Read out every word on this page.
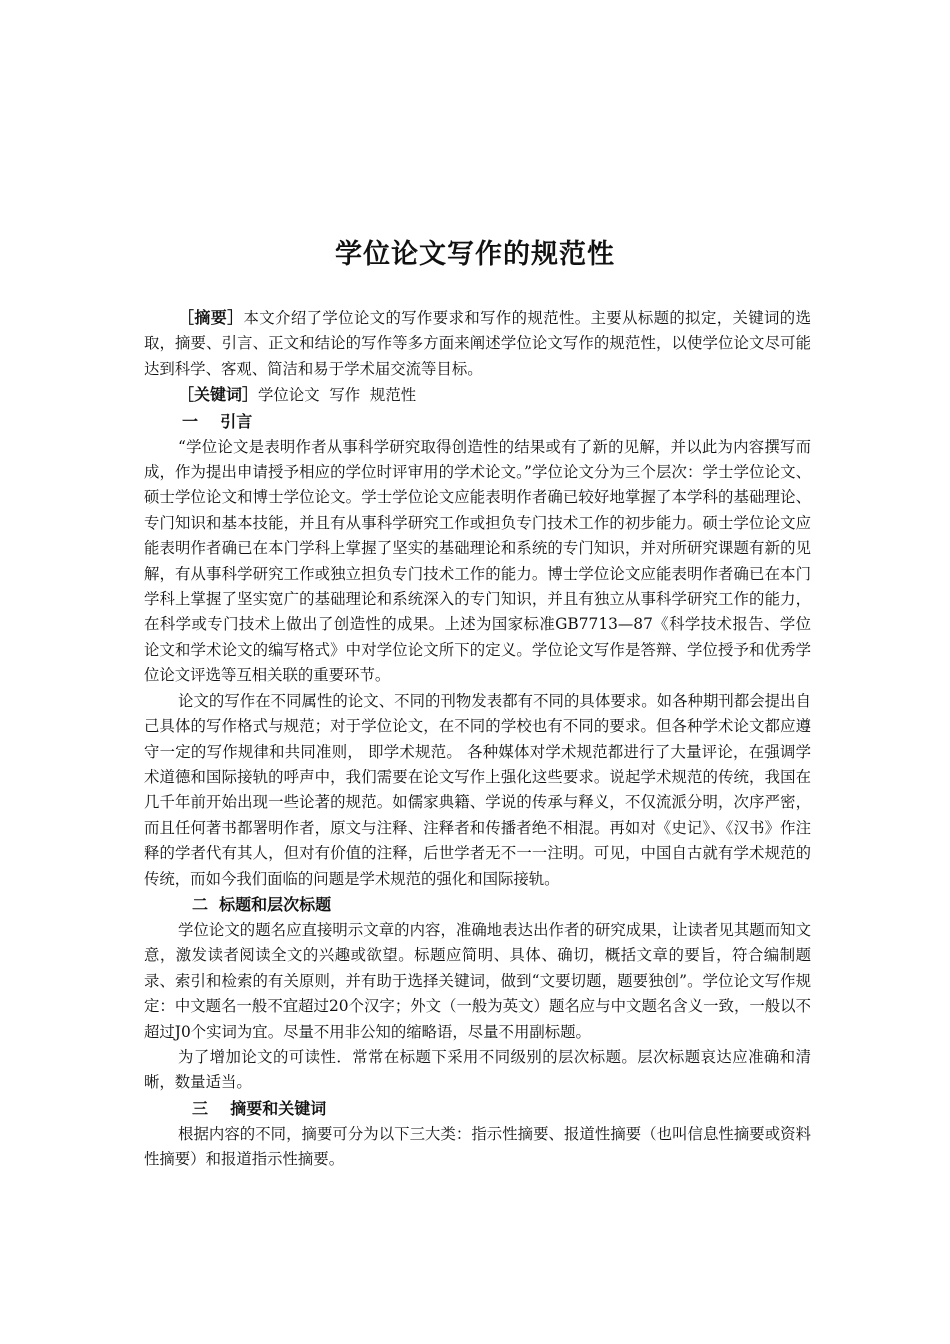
学位论文写作的规范性

［摘要］本文介绍了学位论文的写作要求和写作的规范性。主要从标题的拟定，关键词的选取，摘要、引言、正文和结论的写作等多方面来阐述学位论文写作的规范性，以使学位论文尽可能达到科学、客观、简洁和易于学术届交流等目标。

［关键词］学位论文  写作  规范性

一    引言

“学位论文是表明作者从事科学研究取得创造性的结果或有了新的见解，并以此为内容撰写而成，作为提出申请授予相应的学位时评审用的学术论文。”学位论文分为三个层次：学士学位论文、硕士学位论文和博士学位论文。学士学位论文应能表明作者确已较好地掌握了本学科的基础理论、专门知识和基本技能，并且有从事科学研究工作或担负专门技术工作的初步能力。硕士学位论文应能表明作者确已在本门学科上掌握了坚实的基础理论和系统的专门知识，并对所研究课题有新的见解，有从事科学研究工作或独立担负专门技术工作的能力。博士学位论文应能表明作者确已在本门学科上掌握了坚实宽广的基础理论和系统深入的专门知识，并且有独立从事科学研究工作的能力，在科学或专门技术上做出了创造性的成果。上述为国家标准GB7713—87《科学技术报告、学位论文和学术论文的编写格式》中对学位论文所下的定义。学位论文写作是答辩、学位授予和优秀学位论文评选等互相关联的重要环节。

论文的写作在不同属性的论文、不同的刊物发表都有不同的具体要求。如各种期刊都会提出自己具体的写作格式与规范；对于学位论文，在不同的学校也有不同的要求。但各种学术论文都应遵守一定的写作规律和共同准则， 即学术规范。 各种媒体对学术规范都进行了大量评论，在强调学术道德和国际接轨的呼声中，我们需要在论文写作上强化这些要求。说起学术规范的传统，我国在几千年前开始出现一些论著的规范。如儒家典籍、学说的传承与释义，不仅流派分明，次序严密，而且任何著书都署明作者，原文与注释、注释者和传播者绝不相混。再如对《史记》、《汉书》作注释的学者代有其人，但对有价值的注释，后世学者无不一一注明。可见，中国自古就有学术规范的传统，而如今我们面临的问题是学术规范的强化和国际接轨。

二  标题和层次标题

学位论文的题名应直接明示文章的内容，准确地表达出作者的研究成果，让读者见其题而知文意，激发读者阅读全文的兴趣或欲望。标题应简明、具体、确切，概括文章的要旨，符合编制题录、索引和检索的有关原则，并有助于选择关键词，做到“文要切题，题要独创”。学位论文写作规定：中文题名一般不宜超过20个汉字；外文（一般为英文）题名应与中文题名含义一致，一般以不超过J0个实词为宜。尽量不用非公知的缩略语，尽量不用副标题。

为了增加论文的可读性．常常在标题下采用不同级别的层次标题。层次标题哀达应准确和清晰，数量适当。

三    摘要和关键词

根据内容的不同，摘要可分为以下三大类：指示性摘要、报道性摘要（也叫信息性摘要或资料性摘要）和报道指示性摘要。
